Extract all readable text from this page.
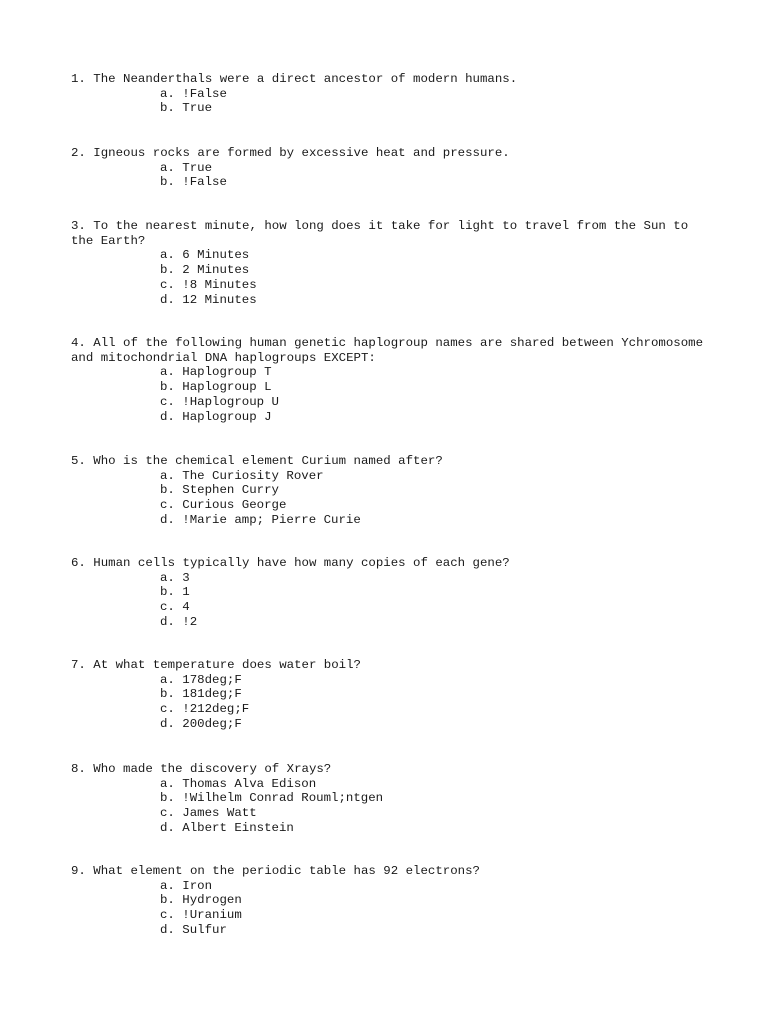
1. The Neanderthals were a direct ancestor of modern humans.
a. !False
b. True
2. Igneous rocks are formed by excessive heat and pressure.
a. True
b. !False
3. To the nearest minute, how long does it take for light to travel from the Sun to the Earth?
a. 6 Minutes
b. 2 Minutes
c. !8 Minutes
d. 12 Minutes
4. All of the following human genetic haplogroup names are shared between Ychromosome and mitochondrial DNA haplogroups EXCEPT:
a. Haplogroup T
b. Haplogroup L
c. !Haplogroup U
d. Haplogroup J
5. Who is the chemical element Curium named after?
a. The Curiosity Rover
b. Stephen Curry
c. Curious George
d. !Marie amp; Pierre Curie
6. Human cells typically have how many copies of each gene?
a. 3
b. 1
c. 4
d. !2
7. At what temperature does water boil?
a. 178deg;F
b. 181deg;F
c. !212deg;F
d. 200deg;F
8. Who made the discovery of Xrays?
a. Thomas Alva Edison
b. !Wilhelm Conrad Rouml;ntgen
c. James Watt
d. Albert Einstein
9. What element on the periodic table has 92 electrons?
a. Iron
b. Hydrogen
c. !Uranium
d. Sulfur
